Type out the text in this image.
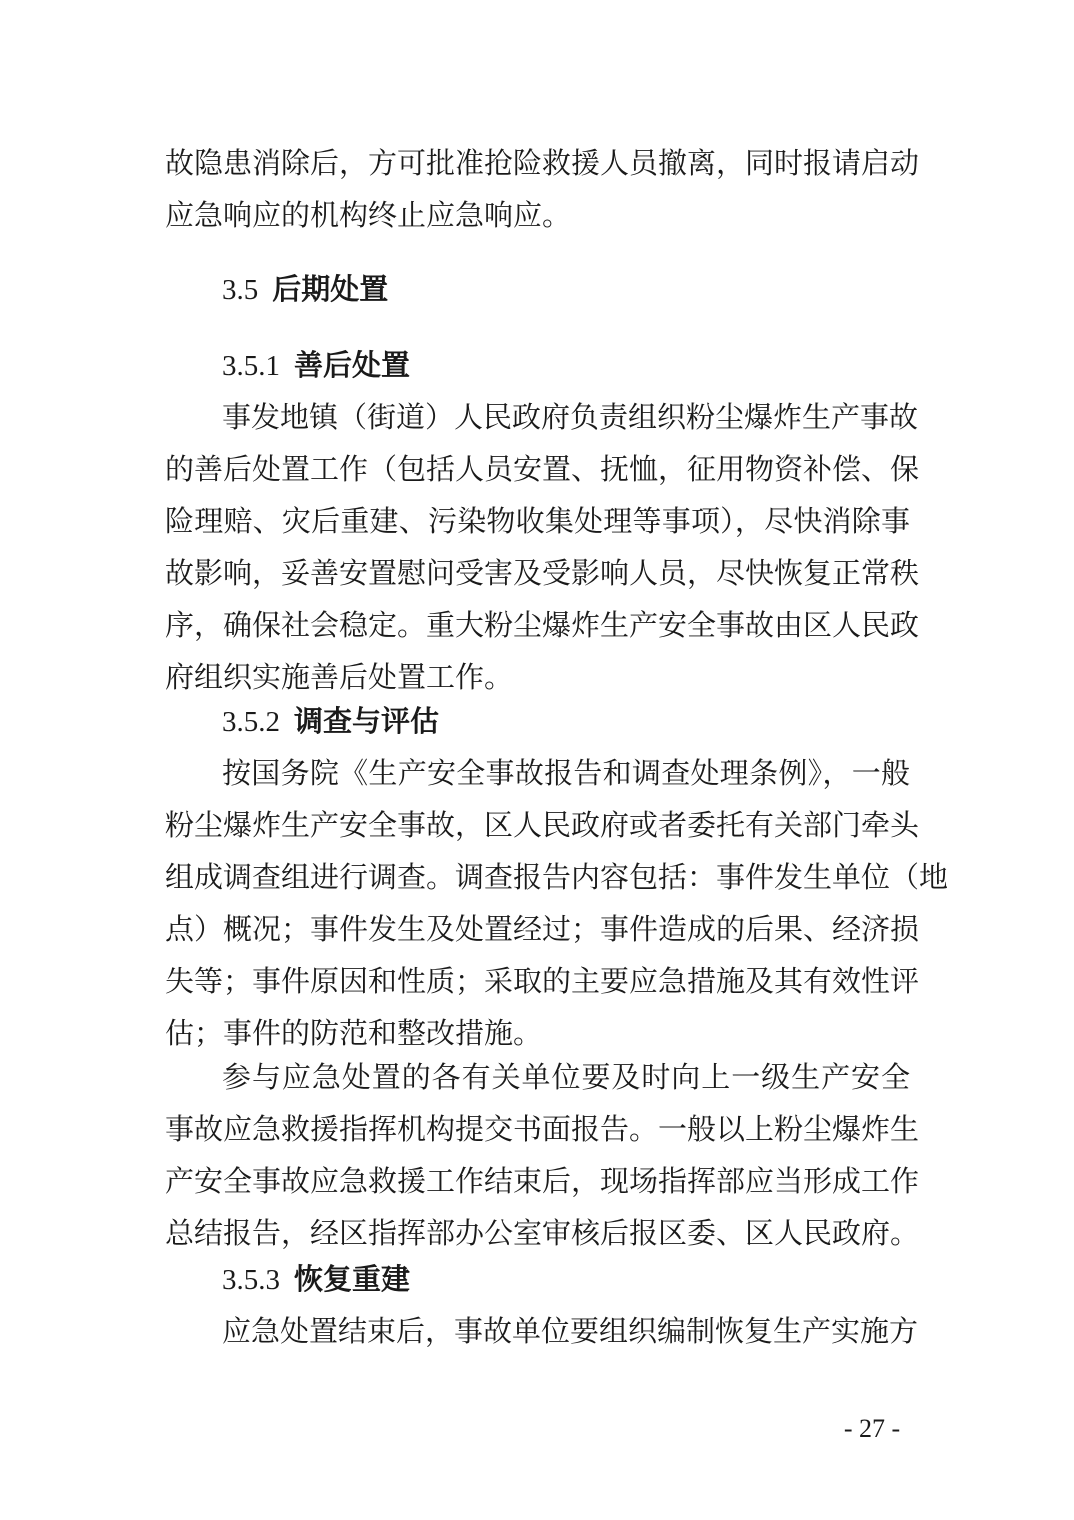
故隐患消除后，方可批准抢险救援人员撤离，同时报请启动
应急响应的机构终止应急响应。
3.5 后期处置
3.5.1 善后处置
事发地镇（街道）人民政府负责组织粉尘爆炸生产事故
的善后处置工作（包括人员安置、抚恤，征用物资补偿、保
险理赔、灾后重建、污染物收集处理等事项），尽快消除事
故影响，妥善安置慰问受害及受影响人员，尽快恢复正常秩
序，确保社会稳定。重大粉尘爆炸生产安全事故由区人民政
府组织实施善后处置工作。
3.5.2 调查与评估
按国务院《生产安全事故报告和调查处理条例》，一般
粉尘爆炸生产安全事故，区人民政府或者委托有关部门牵头
组成调查组进行调查。调查报告内容包括：事件发生单位（地
点）概况；事件发生及处置经过；事件造成的后果、经济损
失等；事件原因和性质；采取的主要应急措施及其有效性评
估；事件的防范和整改措施。
参与应急处置的各有关单位要及时向上一级生产安全
事故应急救援指挥机构提交书面报告。一般以上粉尘爆炸生
产安全事故应急救援工作结束后，现场指挥部应当形成工作
总结报告，经区指挥部办公室审核后报区委、区人民政府。
3.5.3 恢复重建
应急处置结束后，事故单位要组织编制恢复生产实施方
- 27 -
